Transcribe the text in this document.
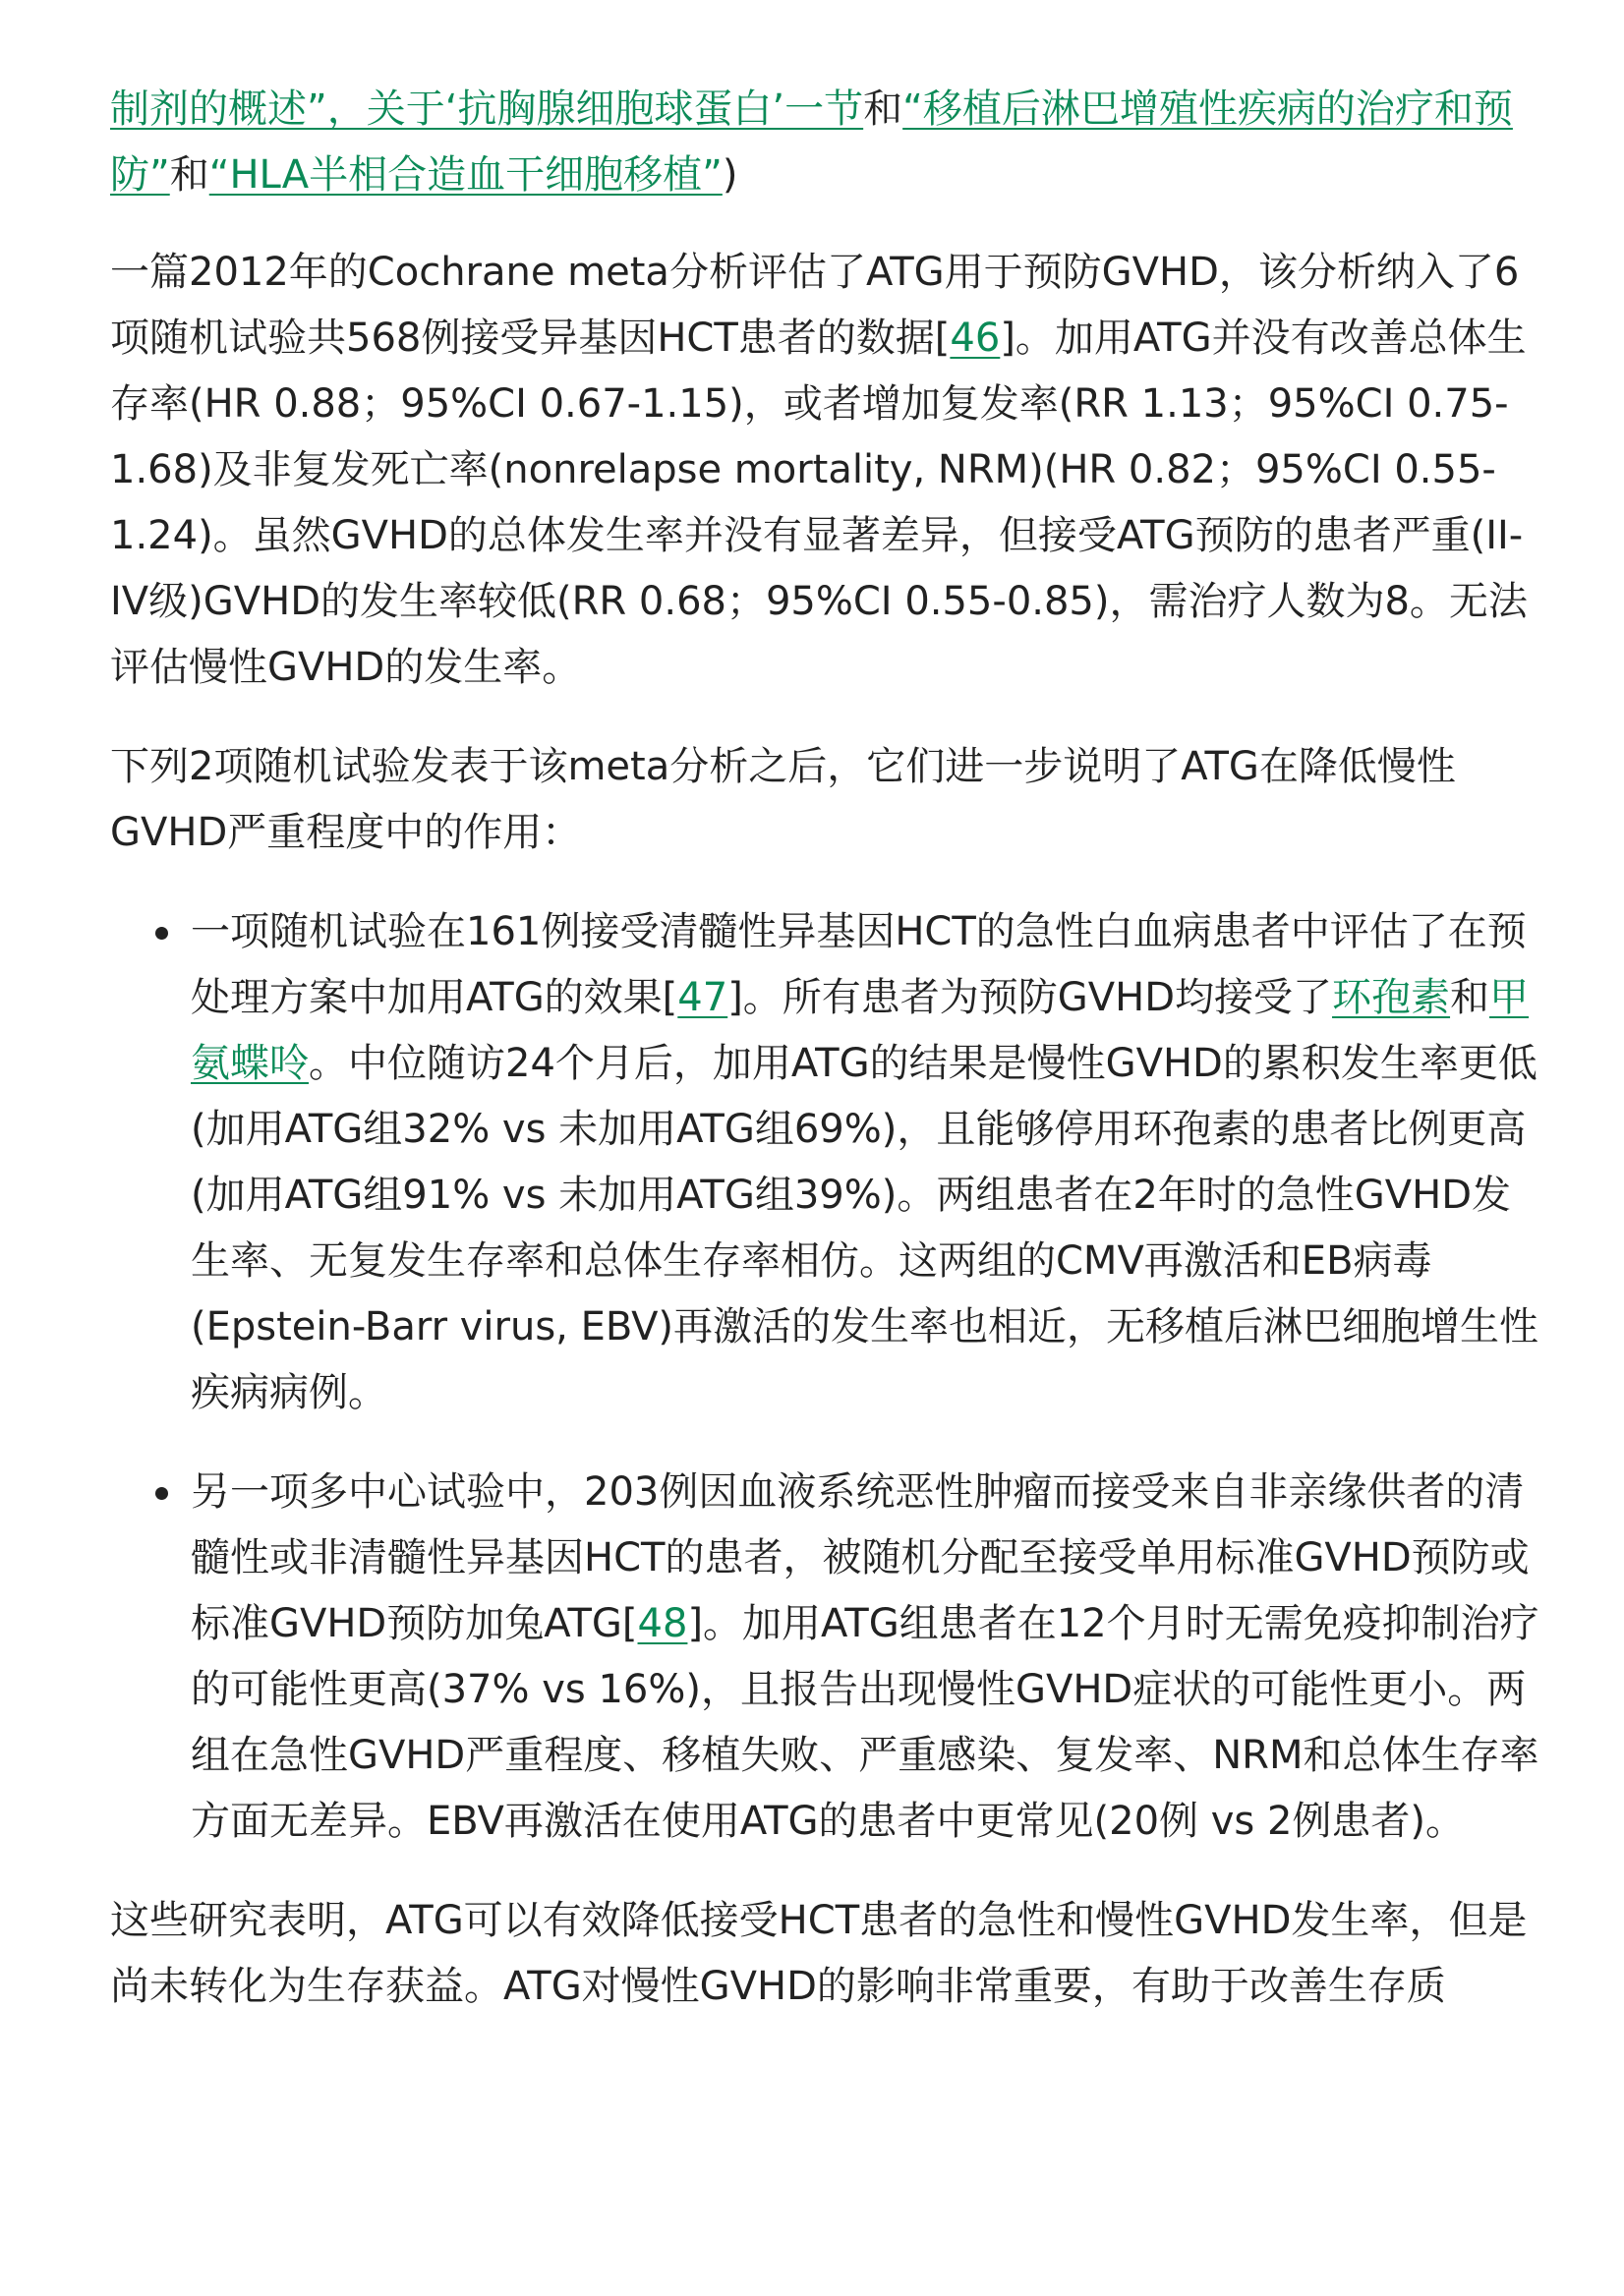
制剂的概述”，关于‘抗胸腺细胞球蛋白’一节和“移植后淋巴增殖性疾病的治疗和预防”和“HLA半相合造血干细胞移植”)

一篇2012年的Cochrane meta分析评估了ATG用于预防GVHD，该分析纳入了6项随机试验共568例接受异基因HCT患者的数据[46]。加用ATG并没有改善总体生存率(HR 0.88；95%CI 0.67-1.15)，或者增加复发率(RR 1.13；95%CI 0.75-1.68)及非复发死亡率(nonrelapse mortality, NRM)(HR 0.82；95%CI 0.55-1.24)。虽然GVHD的总体发生率并没有显著差异，但接受ATG预防的患者严重(II-IV级)GVHD的发生率较低(RR 0.68；95%CI 0.55-0.85)，需治疗人数为8。无法评估慢性GVHD的发生率。

下列2项随机试验发表于该meta分析之后，它们进一步说明了ATG在降低慢性GVHD严重程度中的作用：

一项随机试验在161例接受清髓性异基因HCT的急性白血病患者中评估了在预处理方案中加用ATG的效果[47]。所有患者为预防GVHD均接受了环孢素和甲氨蝶呤。中位随访24个月后，加用ATG的结果是慢性GVHD的累积发生率更低(加用ATG组32% vs 未加用ATG组69%)，且能够停用环孢素的患者比例更高(加用ATG组91% vs 未加用ATG组39%)。两组患者在2年时的急性GVHD发生率、无复发生存率和总体生存率相仿。这两组的CMV再激活和EB病毒(Epstein-Barr virus, EBV)再激活的发生率也相近，无移植后淋巴细胞增生性疾病病例。
另一项多中心试验中，203例因血液系统恶性肿瘤而接受来自非亲缘供者的清髓性或非清髓性异基因HCT的患者，被随机分配至接受单用标准GVHD预防或标准GVHD预防加兔ATG[48]。加用ATG组患者在12个月时无需免疫抑制治疗的可能性更高(37% vs 16%)，且报告出现慢性GVHD症状的可能性更小。两组在急性GVHD严重程度、移植失败、严重感染、复发率、NRM和总体生存率方面无差异。EBV再激活在使用ATG的患者中更常见(20例 vs 2例患者)。

这些研究表明，ATG可以有效降低接受HCT患者的急性和慢性GVHD发生率，但是尚未转化为生存获益。ATG对慢性GVHD的影响非常重要，有助于改善生存质
